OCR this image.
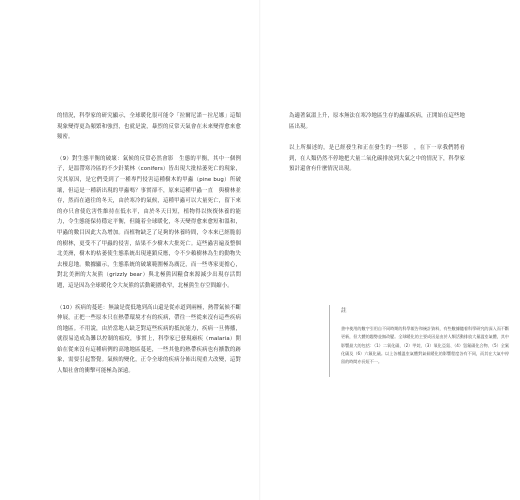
的情況，科學家的研究顯示，全球暖化很可能令「拉爾尼諾－拉尼娜」這類現象變得更為頻繁和強烈，也就是說，暴烈的反常天氣會在未來變得愈來愈頻密。

（9）對生態平衡的破壞：氣候的反常必然會影　生態的平衡，其中一個例子，是溫帶寒冷區的不少針葉林（conifers）皆出現大批枯萎死亡的現象，究其原因，是它們受到了一種專門侵害這種樹木的甲蟲（pine bug）所破壞，但這是一種新出現的甲蟲嗎？事實卻不，原來這種甲蟲一直　與樹林並存，然而在過往的冬天，由於寒冷的氣候，這種甲蟲可以大量死亡，留下來的亦只會使危害性維持在低水平，由於冬天日短，植物得以恢復休養的能力，令生態能保持穩定平衡，但隨着全球暖化，冬天變得愈來愈短和溫和，甲蟲的數目因此大為增加。而植物缺乏了足夠的休養時間，令本來已經脆弱的樹林，更受不了甲蟲的侵害，結果不少樹木大批死亡。這些蟲害遍及整個北美洲，樹木的枯萎使生態系統出現連鎖反應，令不少賴樹林為生的動物失去棲息地。數據顯示，生態系統的破壞範圍極為廣泛，而一些專家更擔心，對北美洲的大灰熊（grizzly bear）與北極熊因糧食來源減少出現存活問題，這是因為全球暖化令大灰熊的活動範圍收窄，北極熊生存空間縮小。

（10）疾病的蔓延：無論是從低地到高山還是從赤道到兩極，熱帶氣候不斷伸展，正把一些原本只在熱帶環境才有的疾病，帶往一些從來沒有這些疾病的地區。不用說，由於當地人缺乏對這些疾病的抵抗能力，疾病一旦傳播，就很易造成為難以控制的瘟疫，事實上，科學家已發現瘧疾（malaria）開始在從來沒有這種病例的高地地區蔓延，一些其他的熱帶疾病也有擴散的跡象，需要引起警覺。氣候的變化，正令全球的疾病分佈出現重大改變，這對人類社會的衝擊可能極為深遠。

為適著氣溫上升，原本無法在寒冷地區生存的蟲媒疾病，正開始在這些地區出現。

以上所描述的，是已經發生和正在發生的一些影　，在下一章我們將看到，在人類仍然不停地把大量二氧化碳排放到大氣之中的情況下，科學家預計還會有什麼情況出現。

註

書中使用的數字引用自不同時期的科學報告和統計資料，有些數據隨着科學研究的深入而不斷更新，但大體的趨勢並無改變。全球暖化的主要成因是由於人類活動排放大量溫室氣體，其中影響最大的包括：（1）二氧化碳、（2）甲烷、（3）氧化亞氮、（4）氫氟碳化合物、（5）全氟化碳及（6）六氟化硫。以上各種溫室氣體對氣候暖化的影響程度各有不同，而其在大氣中停留的時間亦長短不一。
